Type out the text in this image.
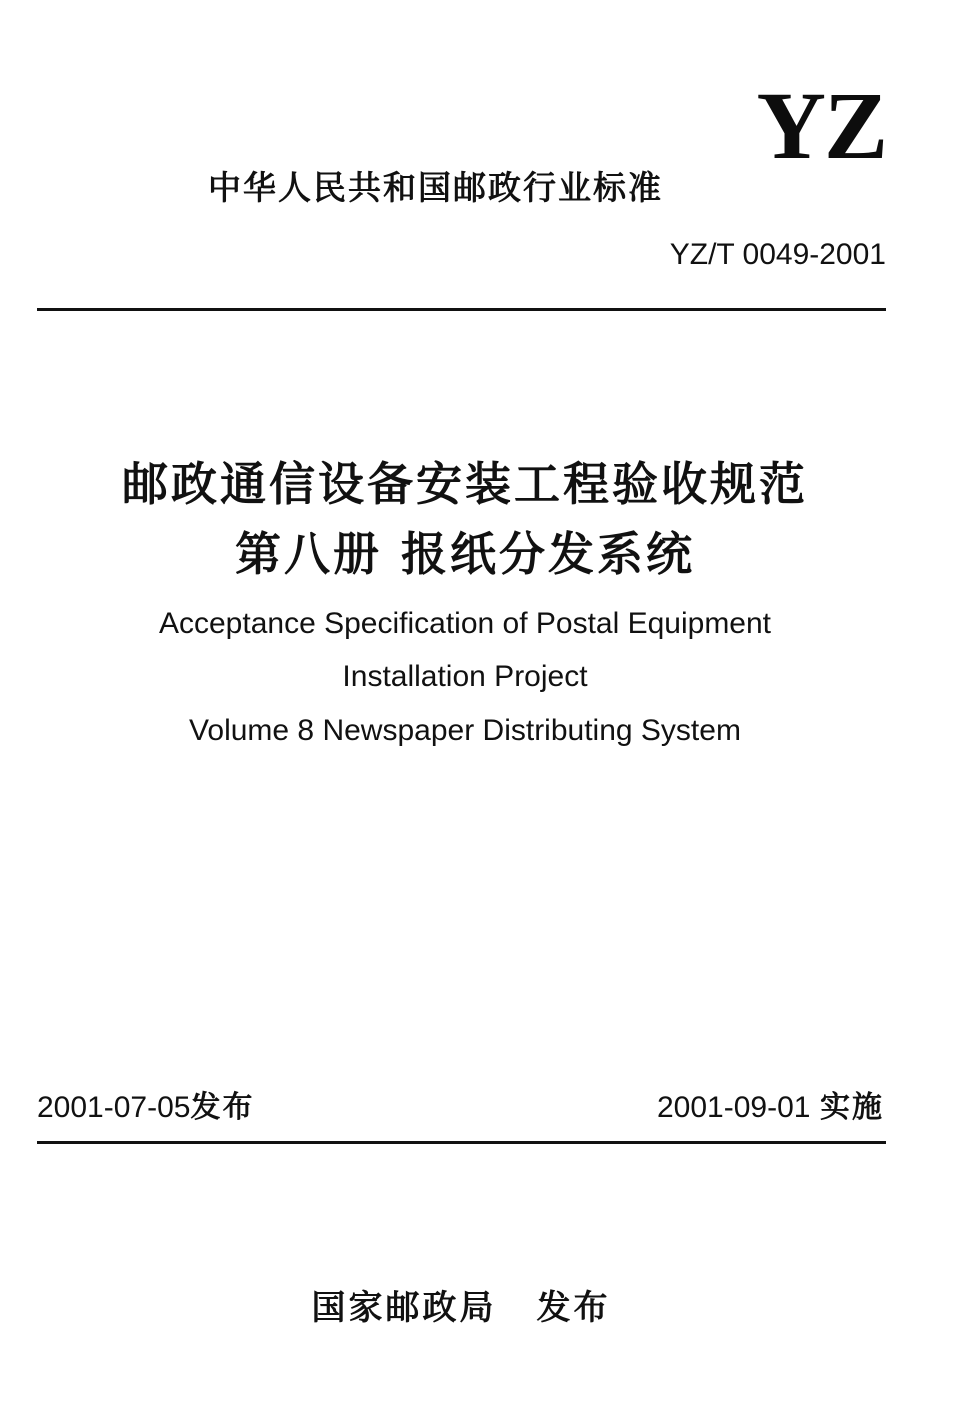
YZ
中华人民共和国邮政行业标准
YZ/T 0049-2001
邮政通信设备安装工程验收规范
第八册 报纸分发系统
Acceptance Specification of Postal Equipment
Installation Project
Volume 8 Newspaper Distributing System
2001-07-05发布	2001-09-01 实施
国家邮政局 发布
